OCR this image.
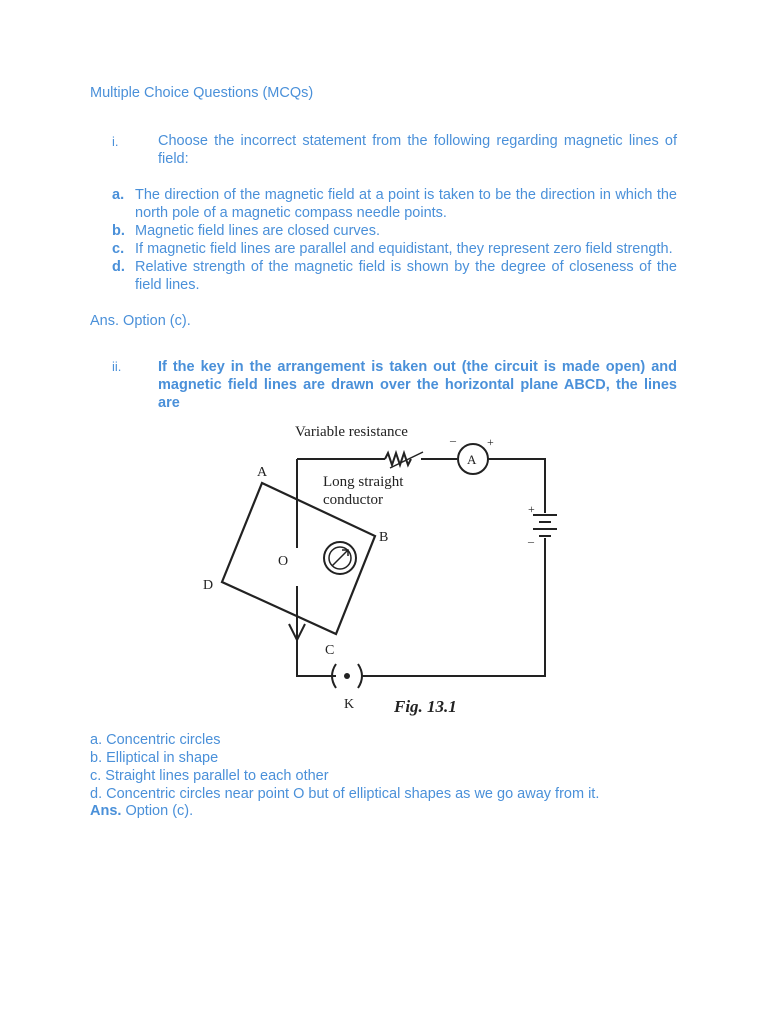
Multiple Choice Questions (MCQs)
i.	Choose the incorrect statement from the following regarding magnetic lines of field:
a. The direction of the magnetic field at a point is taken to be the direction in which the north pole of a magnetic compass needle points.
b. Magnetic field lines are closed curves.
c. If magnetic field lines are parallel and equidistant, they represent zero field strength.
d. Relative strength of the magnetic field is shown by the degree of closeness of the field lines.
Ans. Option (c).
ii.	If the key in the arrangement is taken out (the circuit is made open) and magnetic field lines are drawn over the horizontal plane ABCD, the lines are
Variable resistance
Long straight
conductor
A
–	+
+
–
A
B
C
D
O
K Fig. 13.1
a. Concentric circles
b. Elliptical in shape
c. Straight lines parallel to each other
d. Concentric circles near point O but of elliptical shapes as we go away from it.
Ans. Option (c).
